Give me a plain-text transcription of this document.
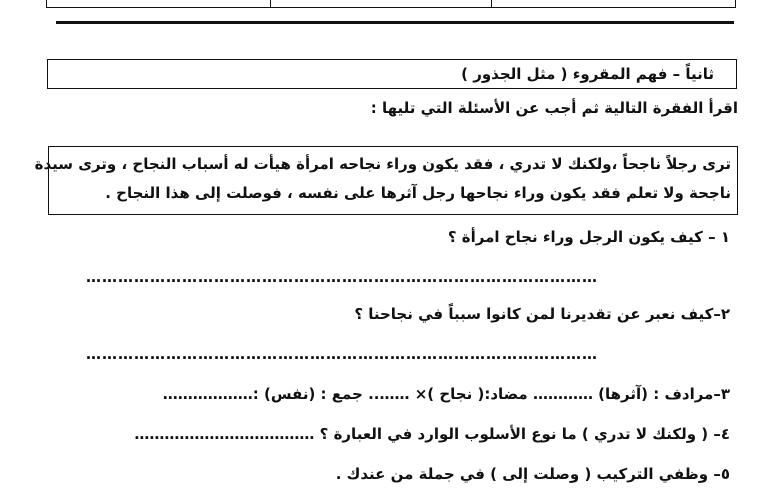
ثانياً – فهم المقروء ( مثل الجذور )
اقرأ الفقرة التالية ثم أجب عن الأسئلة التي تليها :
ترى رجلاً ناجحاً ،ولكنك لا تدري ، فقد يكون وراء نجاحه امرأة هيأت له أسباب النجاح ، وترى سيدة
ناجحة ولا تعلم فقد يكون وراء نجاحها رجل آثرها على نفسه ، فوصلت إلى هذا النجاح .
١ – كيف يكون الرجل وراء نجاح امرأة ؟
……………………………………………………………………………………
٢–كيف نعبر عن تقديرنا لمن كانوا سبباً في نجاحنا ؟
……………………………………………………………………………………
٣–مرادف : (آثرها) ………… مضاد:( نجاح )× …….. جمع : (نفس) :………………
٤– ( ولكنك لا تدري ) ما نوع الأسلوب الوارد في العبارة ؟ ………………………………
٥– وظفي التركيب ( وصلت إلى ) في جملة من عندك .
